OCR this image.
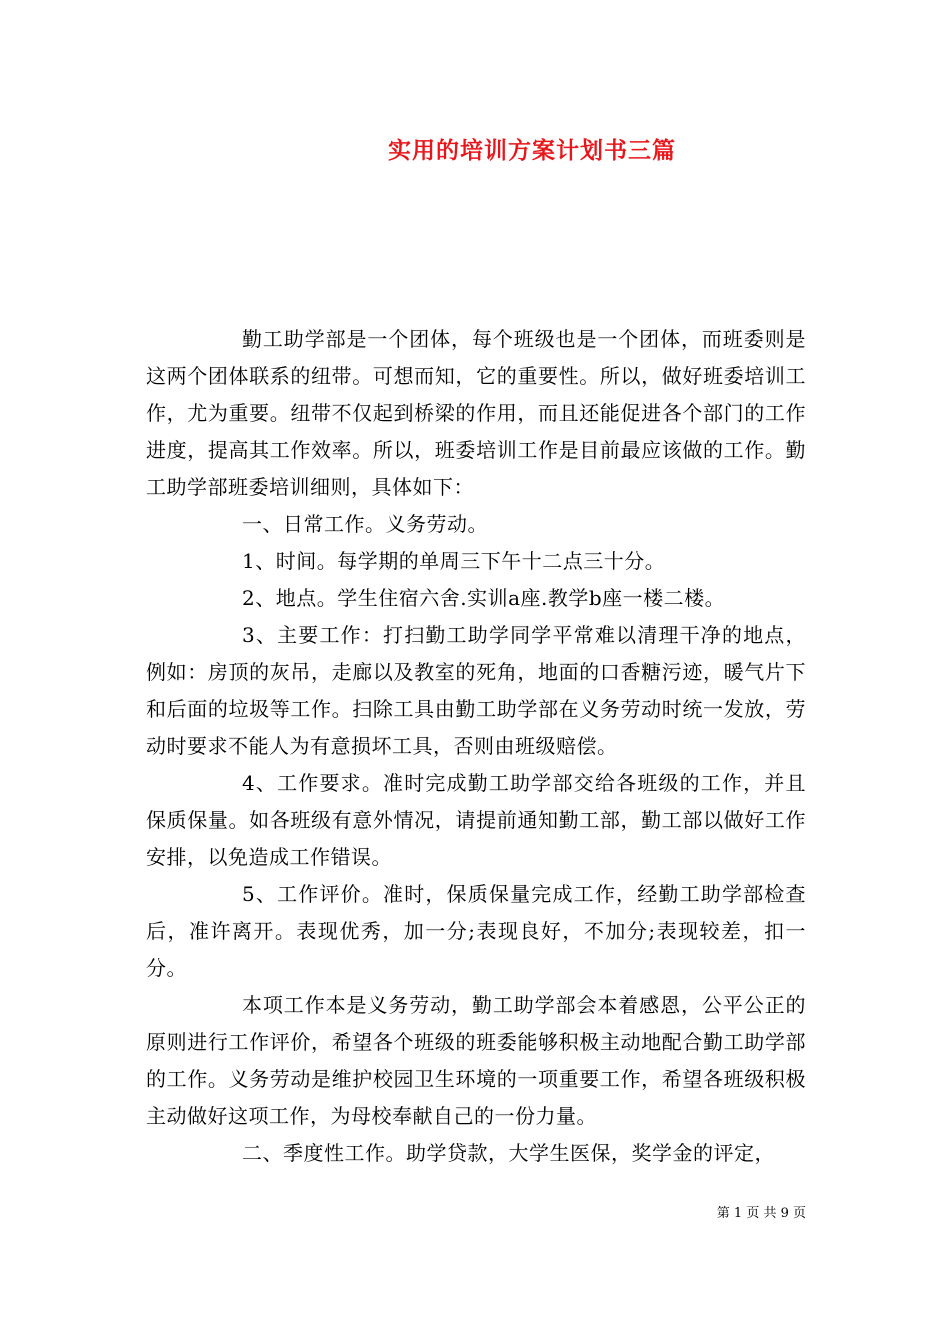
实用的培训方案计划书三篇

勤工助学部是一个团体，每个班级也是一个团体，而班委则是这两个团体联系的纽带。可想而知，它的重要性。所以，做好班委培训工作，尤为重要。纽带不仅起到桥梁的作用，而且还能促进各个部门的工作进度，提高其工作效率。所以，班委培训工作是目前最应该做的工作。勤工助学部班委培训细则，具体如下：

一、日常工作。义务劳动。

1、时间。每学期的单周三下午十二点三十分。

2、地点。学生住宿六舍.实训a座.教学b座一楼二楼。

3、主要工作：打扫勤工助学同学平常难以清理干净的地点，例如：房顶的灰吊，走廊以及教室的死角，地面的口香糖污迹，暖气片下和后面的垃圾等工作。扫除工具由勤工助学部在义务劳动时统一发放，劳动时要求不能人为有意损坏工具，否则由班级赔偿。

4、工作要求。准时完成勤工助学部交给各班级的工作，并且保质保量。如各班级有意外情况，请提前通知勤工部，勤工部以做好工作安排，以免造成工作错误。

5、工作评价。准时，保质保量完成工作，经勤工助学部检查后，准许离开。表现优秀，加一分;表现良好，不加分;表现较差，扣一分。

本项工作本是义务劳动，勤工助学部会本着感恩，公平公正的原则进行工作评价，希望各个班级的班委能够积极主动地配合勤工助学部的工作。义务劳动是维护校园卫生环境的一项重要工作，希望各班级积极主动做好这项工作，为母校奉献自己的一份力量。

二、季度性工作。助学贷款，大学生医保，奖学金的评定，

第 1 页 共 9 页
